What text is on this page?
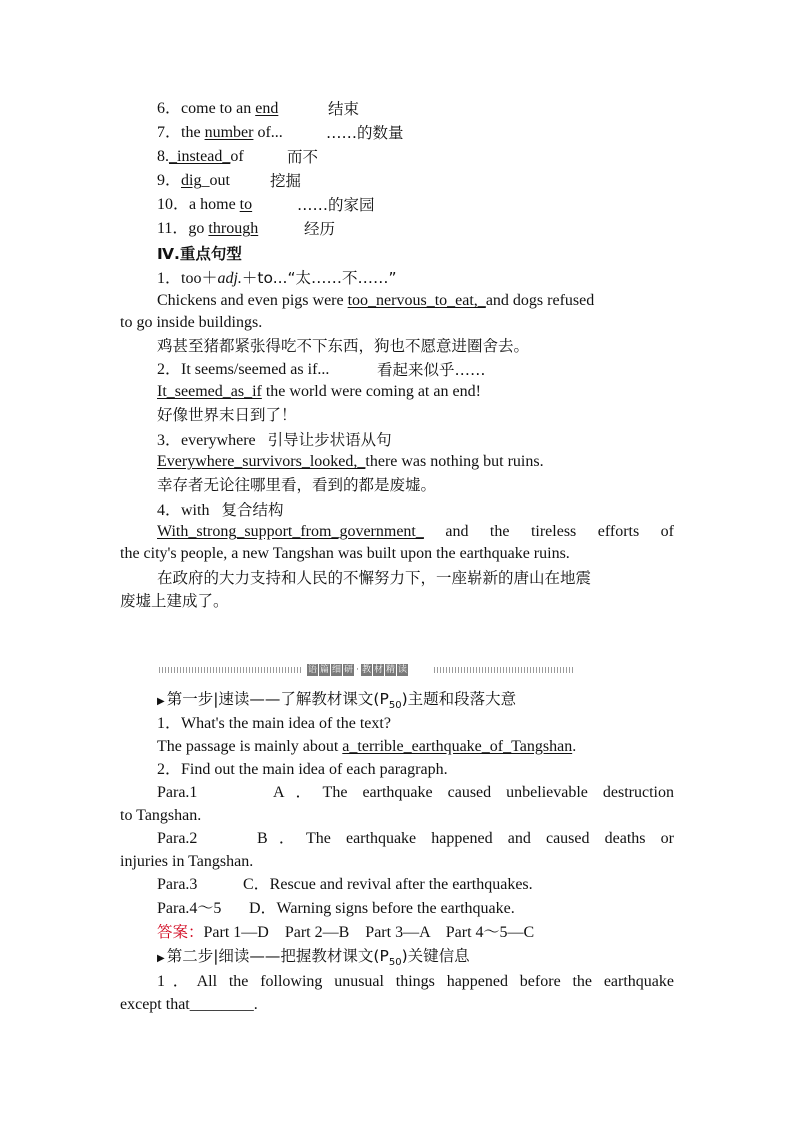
6．come to an end	结束
7．the number of...	……的数量
8._instead_of	而不
9．dig_out	挖掘
10．a home to	……的家园
11．go through	经历
Ⅳ.重点句型
1．too＋adj.＋to...“太……不……”
Chickens and even pigs were too_nervous_to_eat,_and dogs refused
to go inside buildings.
鸡甚至猪都紧张得吃不下东西，狗也不愿意进圈舍去。
2．It seems/seemed as if...	看起来似乎……
It_seemed_as_if the world were coming at an end!
好像世界末日到了！
3．everywhere 引导让步状语从句
Everywhere_survivors_looked,_there was nothing but ruins.
幸存者无论往哪里看，看到的都是废墟。
4．with 复合结构
With_strong_support_from_government_ and the tireless efforts of
the city's people, a new Tangshan was built upon the earthquake ruins.
在政府的大力支持和人民的不懈努力下，一座崭新的唐山在地震
废墟上建成了。
语 篇 细 研 · 教 材 精 读
▶ 第一步|速读——了解教材课文$(P_{50})$主题和段落大意
1．What's the main idea of the text?
The passage is mainly about a_terrible_earthquake_of_Tangshan.
2．Find out the main idea of each paragraph.
Para.1	A．The earthquake caused unbelievable destruction
to Tangshan.
Para.2	B．The earthquake happened and caused deaths or
injuries in Tangshan.
Para.3	C．Rescue and revival after the earthquakes.
Para.4～5 D．Warning signs before the earthquake.
答案：Part 1—D　Part 2—B　Part 3—A　Part 4～5—C
▶ 第二步|细读——把握教材课文$(P_{50})$关键信息
1．All the following unusual things happened before the earthquake
except that________.
